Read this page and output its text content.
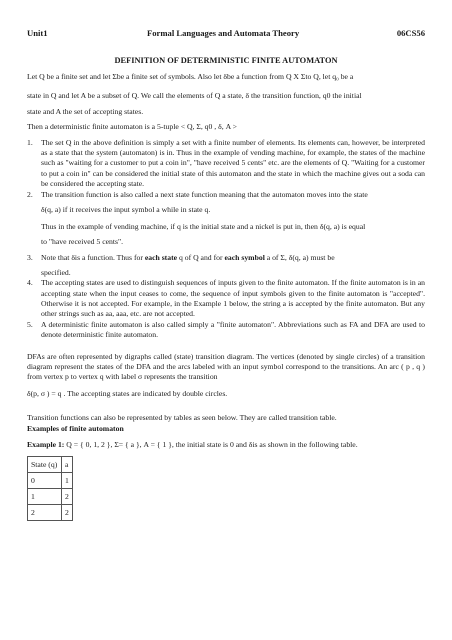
Unit1	Formal Languages and Automata Theory	06CS56
DEFINITION OF DETERMINISTIC FINITE AUTOMATON

Let Q be a finite set and let Σbe a finite set of symbols. Also let δbe a function from Q X Σto Q, let q₀ be a

state in Q and let A be a subset of Q. We call the elements of Q a state, δ the transition function, q0 the initial

state and A the set of accepting states.

Then a deterministic finite automaton is a 5-tuple < Q, Σ, q0 , δ, A >

1. The set Q in the above definition is simply a set with a finite number of elements. Its elements can, however, be interpreted as a state that the system (automaton) is in. Thus in the example of vending machine, for example, the states of the machine such as "waiting for a customer to put a coin in", "have received 5 cents" etc. are the elements of Q. "Waiting for a customer to put a coin in" can be considered the initial state of this automaton and the state in which the machine gives out a soda can be considered the accepting state.
2. The transition function is also called a next state function meaning that the automaton moves into the state

δ(q, a) if it receives the input symbol a while in state q.

Thus in the example of vending machine, if q is the initial state and a nickel is put in, then δ(q, a) is equal

to "have received 5 cents".

3. Note that δis a function. Thus for each state q of Q and for each symbol a of Σ, δ(q, a) must be

specified.

4. The accepting states are used to distinguish sequences of inputs given to the finite automaton. If the finite automaton is in an accepting state when the input ceases to come, the sequence of input symbols given to the finite automaton is "accepted". Otherwise it is not accepted. For example, in the Example 1 below, the string a is accepted by the finite automaton. But any other strings such as aa, aaa, etc. are not accepted.
5. A deterministic finite automaton is also called simply a "finite automaton". Abbreviations such as FA and DFA are used to denote deterministic finite automaton.

DFAs are often represented by digraphs called (state) transition diagram. The vertices (denoted by single circles) of a transition diagram represent the states of the DFA and the arcs labeled with an input symbol correspond to the transitions. An arc ( p , q ) from vertex p to vertex q with label σ represents the transition

δ(p, σ ) = q . The accepting states are indicated by double circles.

Transition functions can also be represented by tables as seen below. They are called transition table.

Examples of finite automaton

Example 1: Q = { 0, 1, 2 }, Σ= { a }, A = { 1 }, the initial state is 0 and δis as shown in the following table.

State (q)	a
0	1
1	2
2	2
